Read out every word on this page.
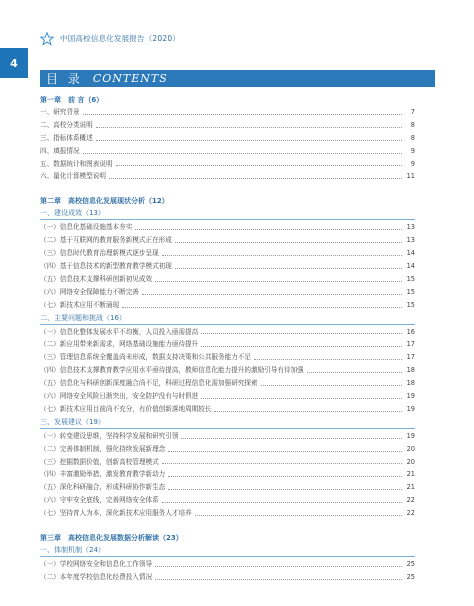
中国高校信息化发展报告（2020）
4
目 录 CONTENTS
第一章　前 言（6）
一、研究背景	7
二、高校分类说明	8
三、指标体系概述	8
四、填报情况	9
五、数据统计和图表说明	9
六、量化计算模型说明	11
第二章　高校信息化发展现状分析（12）
一、建设成效（13）
（一）信息化基础设施基本夯实	13
（二）基于互联网的教育服务新模式正在形成	13
（三）信息时代教育治理新模式逐步呈现	14
（四）基于信息技术的新型教育教学模式初现	14
（五）信息技术支撑科研创新初见成效	15
（六）网络安全保障能力不断完善	15
（七）新技术应用不断涌现	15
二、主要问题和挑战（16）
（一）信息化整体发展水平不均衡，人员投入亟需提高	16
（二）新应用带来新需求，网络基础设施能力亟待提升	17
（三）管理信息系统全覆盖尚未形成，数据支持决策和公共服务能力不足	17
（四）信息技术支撑教育教学应用水平亟待提高，教师信息化能力提升的激励引导有待加强	18
（五）信息化与科研创新深度融合尚不足，科研过程信息化需加强研究探索	18
（六）网络安全风险日渐突出，安全防护没有与时俱进	19
（七）新技术应用目前尚不充分，有价值创新落地周期较长	19
三、发展建议（19）
（一）转变建设思维，坚持科学发展和研究引领	19
（二）完善体制机制，强化持续发展新理念	20
（三）挖掘数据价值，创新高校管理模式	20
（四）丰富激励举措，激发教育教学新动力	21
（五）深化科研融合，形成科研协作新生态	21
（六）守牢安全底线，完善网络安全体系	22
（七）坚持育人为本，深化新技术应用服务人才培养	22
第三章　高校信息化发展数据分析解读（23）
一、体制机制（24）
（一）学校网络安全和信息化工作领导	25
（二）本年度学校信息化经费投入情况	25
